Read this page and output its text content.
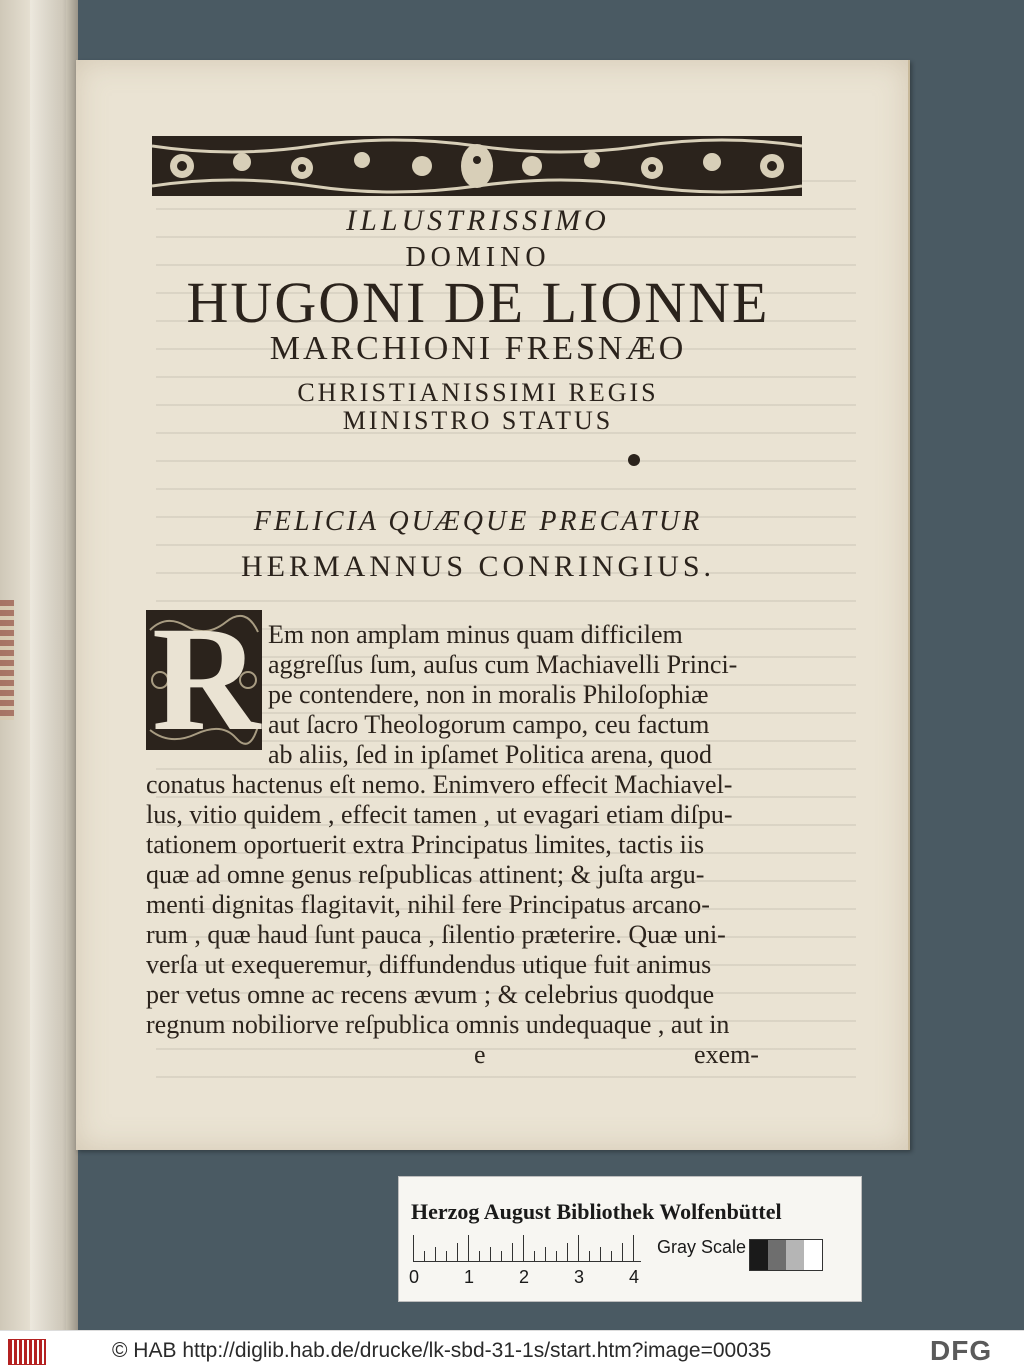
ILLUSTRISSIMO
DOMINO
HUGONI DE LIONNE
MARCHIONI FRESNÆO
CHRISTIANISSIMI REGIS
MINISTRO STATUS
FELICIA QUÆQUE PRECATUR
HERMANNUS CONRINGIUS.
R Em non amplam minus quam difficilem
aggreſſus ſum, auſus cum Machiavelli Princi-
pe contendere, non in moralis Philoſophiæ
aut ſacro Theologorum campo, ceu factum
ab aliis, ſed in ipſamet Politica arena, quod
conatus hactenus eſt nemo. Enimvero effecit Machiavel-
lus, vitio quidem , effecit tamen , ut evagari etiam diſpu-
tationem oportuerit extra Principatus limites, tactis iis
quæ ad omne genus reſpublicas attinent; & juſta argu-
menti dignitas flagitavit, nihil fere Principatus arcano-
rum , quæ haud ſunt pauca , ſilentio præterire. Quæ uni-
verſa ut exequeremur, diffundendus utique fuit animus
per vetus omne ac recens ævum ; & celebrius quodque
regnum nobiliorve reſpublica omnis undequaque , aut in
e	exem-
Herzog August Bibliothek Wolfenbüttel
0 1 2 3 4
Gray Scale
© HAB http://diglib.hab.de/drucke/lk-sbd-31-1s/start.htm?image=00035	DFG
